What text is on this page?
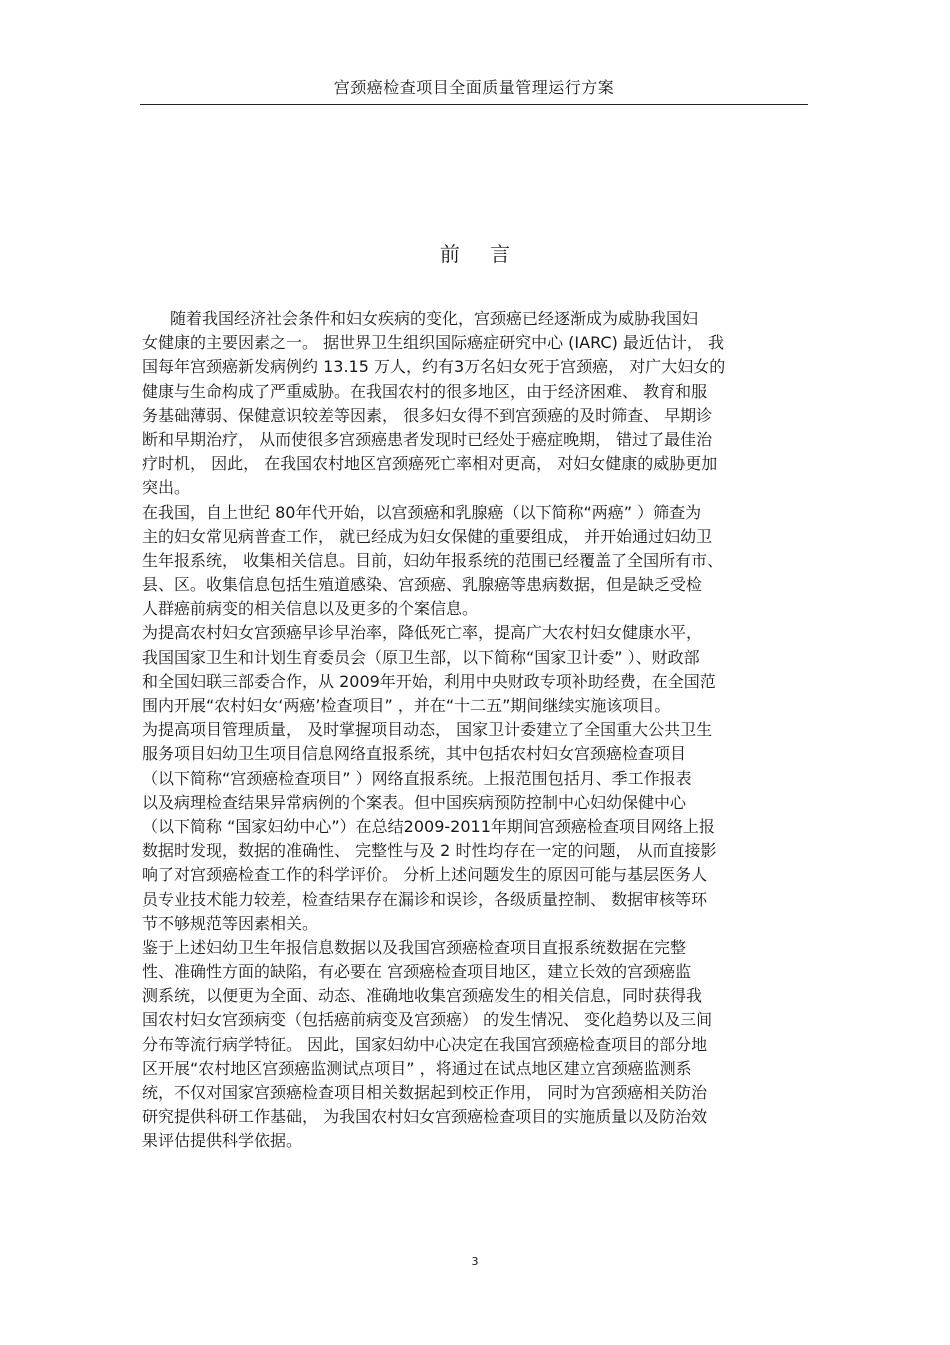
宫颈癌检查项目全面质量管理运行方案
前 言
随着我国经济社会条件和妇女疾病的变化，宫颈癌已经逐渐成为威胁我国妇
女健康的主要因素之一。 据世界卫生组织国际癌症研究中心 (IARC) 最近估计， 我
国每年宫颈癌新发病例约 13.15 万人，约有3万名妇女死于宫颈癌， 对广大妇女的
健康与生命构成了严重威胁。在我国农村的很多地区，由于经济困难、 教育和服
务基础薄弱、保健意识较差等因素， 很多妇女得不到宫颈癌的及时筛查、 早期诊
断和早期治疗， 从而使很多宫颈癌患者发现时已经处于癌症晚期， 错过了最佳治
疗时机， 因此， 在我国农村地区宫颈癌死亡率相对更高， 对妇女健康的威胁更加
突出。
在我国，自上世纪 80年代开始，以宫颈癌和乳腺癌（以下简称“两癌” ）筛查为
主的妇女常见病普查工作， 就已经成为妇女保健的重要组成， 并开始通过妇幼卫
生年报系统， 收集相关信息。目前，妇幼年报系统的范围已经覆盖了全国所有市、
县、区。收集信息包括生殖道感染、宫颈癌、乳腺癌等患病数据，但是缺乏受检
人群癌前病变的相关信息以及更多的个案信息。
为提高农村妇女宫颈癌早诊早治率，降低死亡率，提高广大农村妇女健康水平，
我国国家卫生和计划生育委员会（原卫生部，以下简称“国家卫计委” ）、财政部
和全国妇联三部委合作，从 2009年开始，利用中央财政专项补助经费，在全国范
围内开展“农村妇女‘两癌’检查项目” ，并在“十二五”期间继续实施该项目。
为提高项目管理质量， 及时掌握项目动态， 国家卫计委建立了全国重大公共卫生
服务项目妇幼卫生项目信息网络直报系统，其中包括农村妇女宫颈癌检查项目
（以下简称“宫颈癌检查项目” ）网络直报系统。上报范围包括月、季工作报表
以及病理检查结果异常病例的个案表。但中国疾病预防控制中心妇幼保健中心
（以下简称 “国家妇幼中心”）在总结2009-2011年期间宫颈癌检查项目网络上报
数据时发现，数据的准确性、 完整性与及 2 时性均存在一定的问题， 从而直接影
响了对宫颈癌检查工作的科学评价。 分析上述问题发生的原因可能与基层医务人
员专业技术能力较差，检查结果存在漏诊和误诊，各级质量控制、 数据审核等环
节不够规范等因素相关。
鉴于上述妇幼卫生年报信息数据以及我国宫颈癌检查项目直报系统数据在完整
性、准确性方面的缺陷，有必要在 宫颈癌检查项目地区，建立长效的宫颈癌监
测系统，以便更为全面、动态、准确地收集宫颈癌发生的相关信息，同时获得我
国农村妇女宫颈病变（包括癌前病变及宫颈癌） 的发生情况、 变化趋势以及三间
分布等流行病学特征。 因此，国家妇幼中心决定在我国宫颈癌检查项目的部分地
区开展“农村地区宫颈癌监测试点项目” ，将通过在试点地区建立宫颈癌监测系
统，不仅对国家宫颈癌检查项目相关数据起到校正作用， 同时为宫颈癌相关防治
研究提供科研工作基础， 为我国农村妇女宫颈癌检查项目的实施质量以及防治效
果评估提供科学依据。
3
